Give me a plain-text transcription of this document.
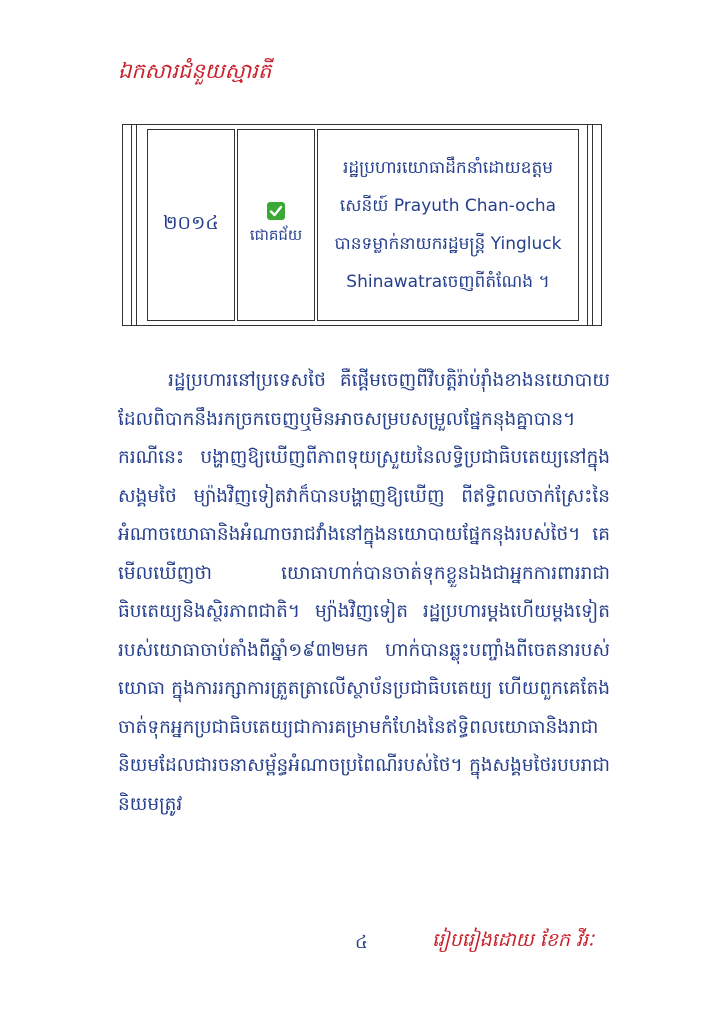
ឯកសារជំនួយស្មារតី
២០១៤
ជោគជ័យ
រដ្ឋប្រហារយោធាដឹកនាំដោយឧត្តមសេនីយ៍ Prayuth Chan-ocha បានទម្លាក់នាយករដ្ឋមន្ត្រី Yingluck Shinawatraចេញពីតំណែង ។

រដ្ឋប្រហារនៅប្រទេសថៃ គឺផ្ដើមចេញពីវិបត្តិរ៉ាប់រ៉ាំងខាងនយោបាយ ដែលពិបាកនឹងរកច្រកចេញឬមិនអាចសម្របសម្រួលផ្នែកនុងគ្នាបាន។ ករណីនេះ បង្ហាញឱ្យឃើញពីភាពទុយស្រួយនៃលទ្ធិប្រជាធិបតេយ្យនៅក្នុងសង្គមថៃ ម្យ៉ាងវិញទៀតវាក៏បានបង្ហាញឱ្យឃើញ ពីឥទ្ធិពលចាក់ស្រែះនៃអំណាចយោធានិងអំណាចរាជវាំងនៅក្នុងនយោបាយផ្នែកនុងរបស់ថៃ។ គេមើលឃើញថា យោធាហាក់បានចាត់ទុកខ្លួនឯងជាអ្នកការពាររាជាធិបតេយ្យនិងស្ថិរភាពជាតិ។ ម្យ៉ាងវិញទៀត រដ្ឋប្រហារម្ដងហើយម្ដងទៀតរបស់យោធាចាប់តាំងពីឆ្នាំ១៩៣២មក ហាក់បានឆ្លុះបញ្ចាំងពីចេតនារបស់យោធា ក្នុងការរក្សាការត្រួតត្រាលើស្ថាប័នប្រជាធិបតេយ្យ ហើយពួកគេតែងចាត់ទុកអ្នកប្រជាធិបតេយ្យជាការគម្រាមកំហែងនៃឥទ្ធិពលយោធានិងរាជានិយមដែលជារចនាសម្ព័ន្ធអំណាចប្រពៃណីរបស់ថៃ។ ក្នុងសង្គមថៃរបបរាជានិយមត្រូវ

៤	រៀបរៀងដោយ ខែក វីរៈ
